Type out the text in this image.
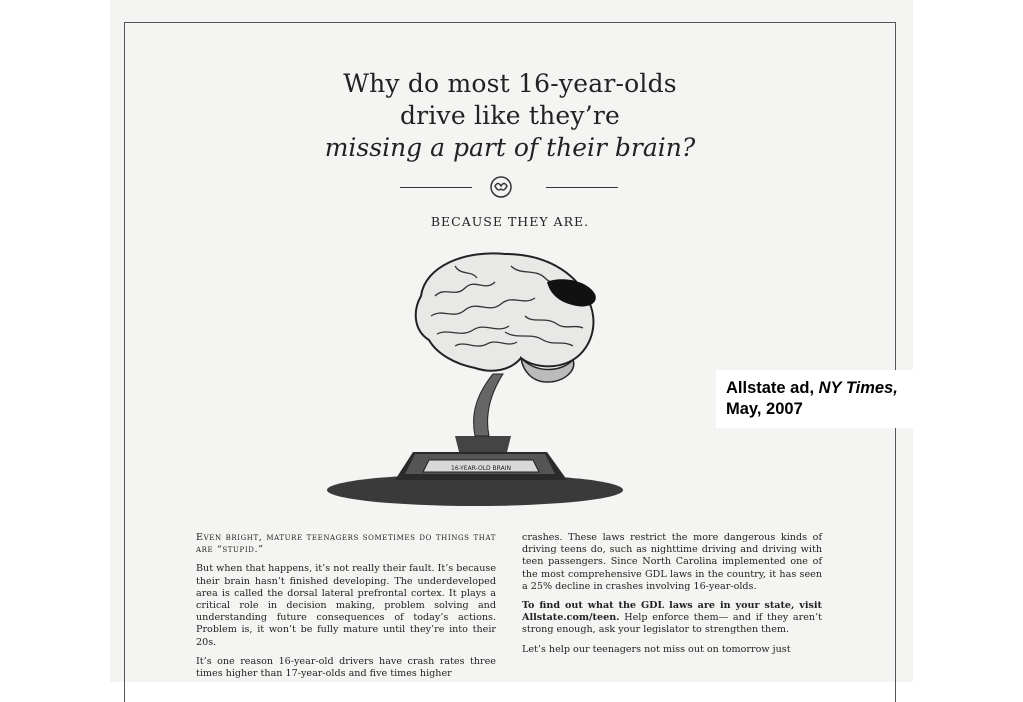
Why do most 16-year-olds
drive like they’re
missing a part of their brain?
BECAUSE THEY ARE.
16-YEAR-OLD BRAIN

Even bright, mature teenagers sometimes do things that are “stupid.”

But when that happens, it’s not really their fault. It’s because their brain hasn’t finished developing. The underdeveloped area is called the dorsal lateral prefrontal cortex. It plays a critical role in decision making, problem solving and understanding future consequences of today’s actions. Problem is, it won’t be fully mature until they’re into their 20s.

It’s one reason 16-year-old drivers have crash rates three times higher than 17-year-olds and five times higher

crashes. These laws restrict the more dangerous kinds of driving teens do, such as nighttime driving and driving with teen passengers. Since North Carolina implemented one of the most comprehensive GDL laws in the country, it has seen a 25% decline in crashes involving 16-year-olds.

To find out what the GDL laws are in your state, visit Allstate.com/teen. Help enforce them— and if they aren’t strong enough, ask your legislator to strengthen them.

Let’s help our teenagers not miss out on tomorrow just

Allstate ad, NY Times,
May, 2007
